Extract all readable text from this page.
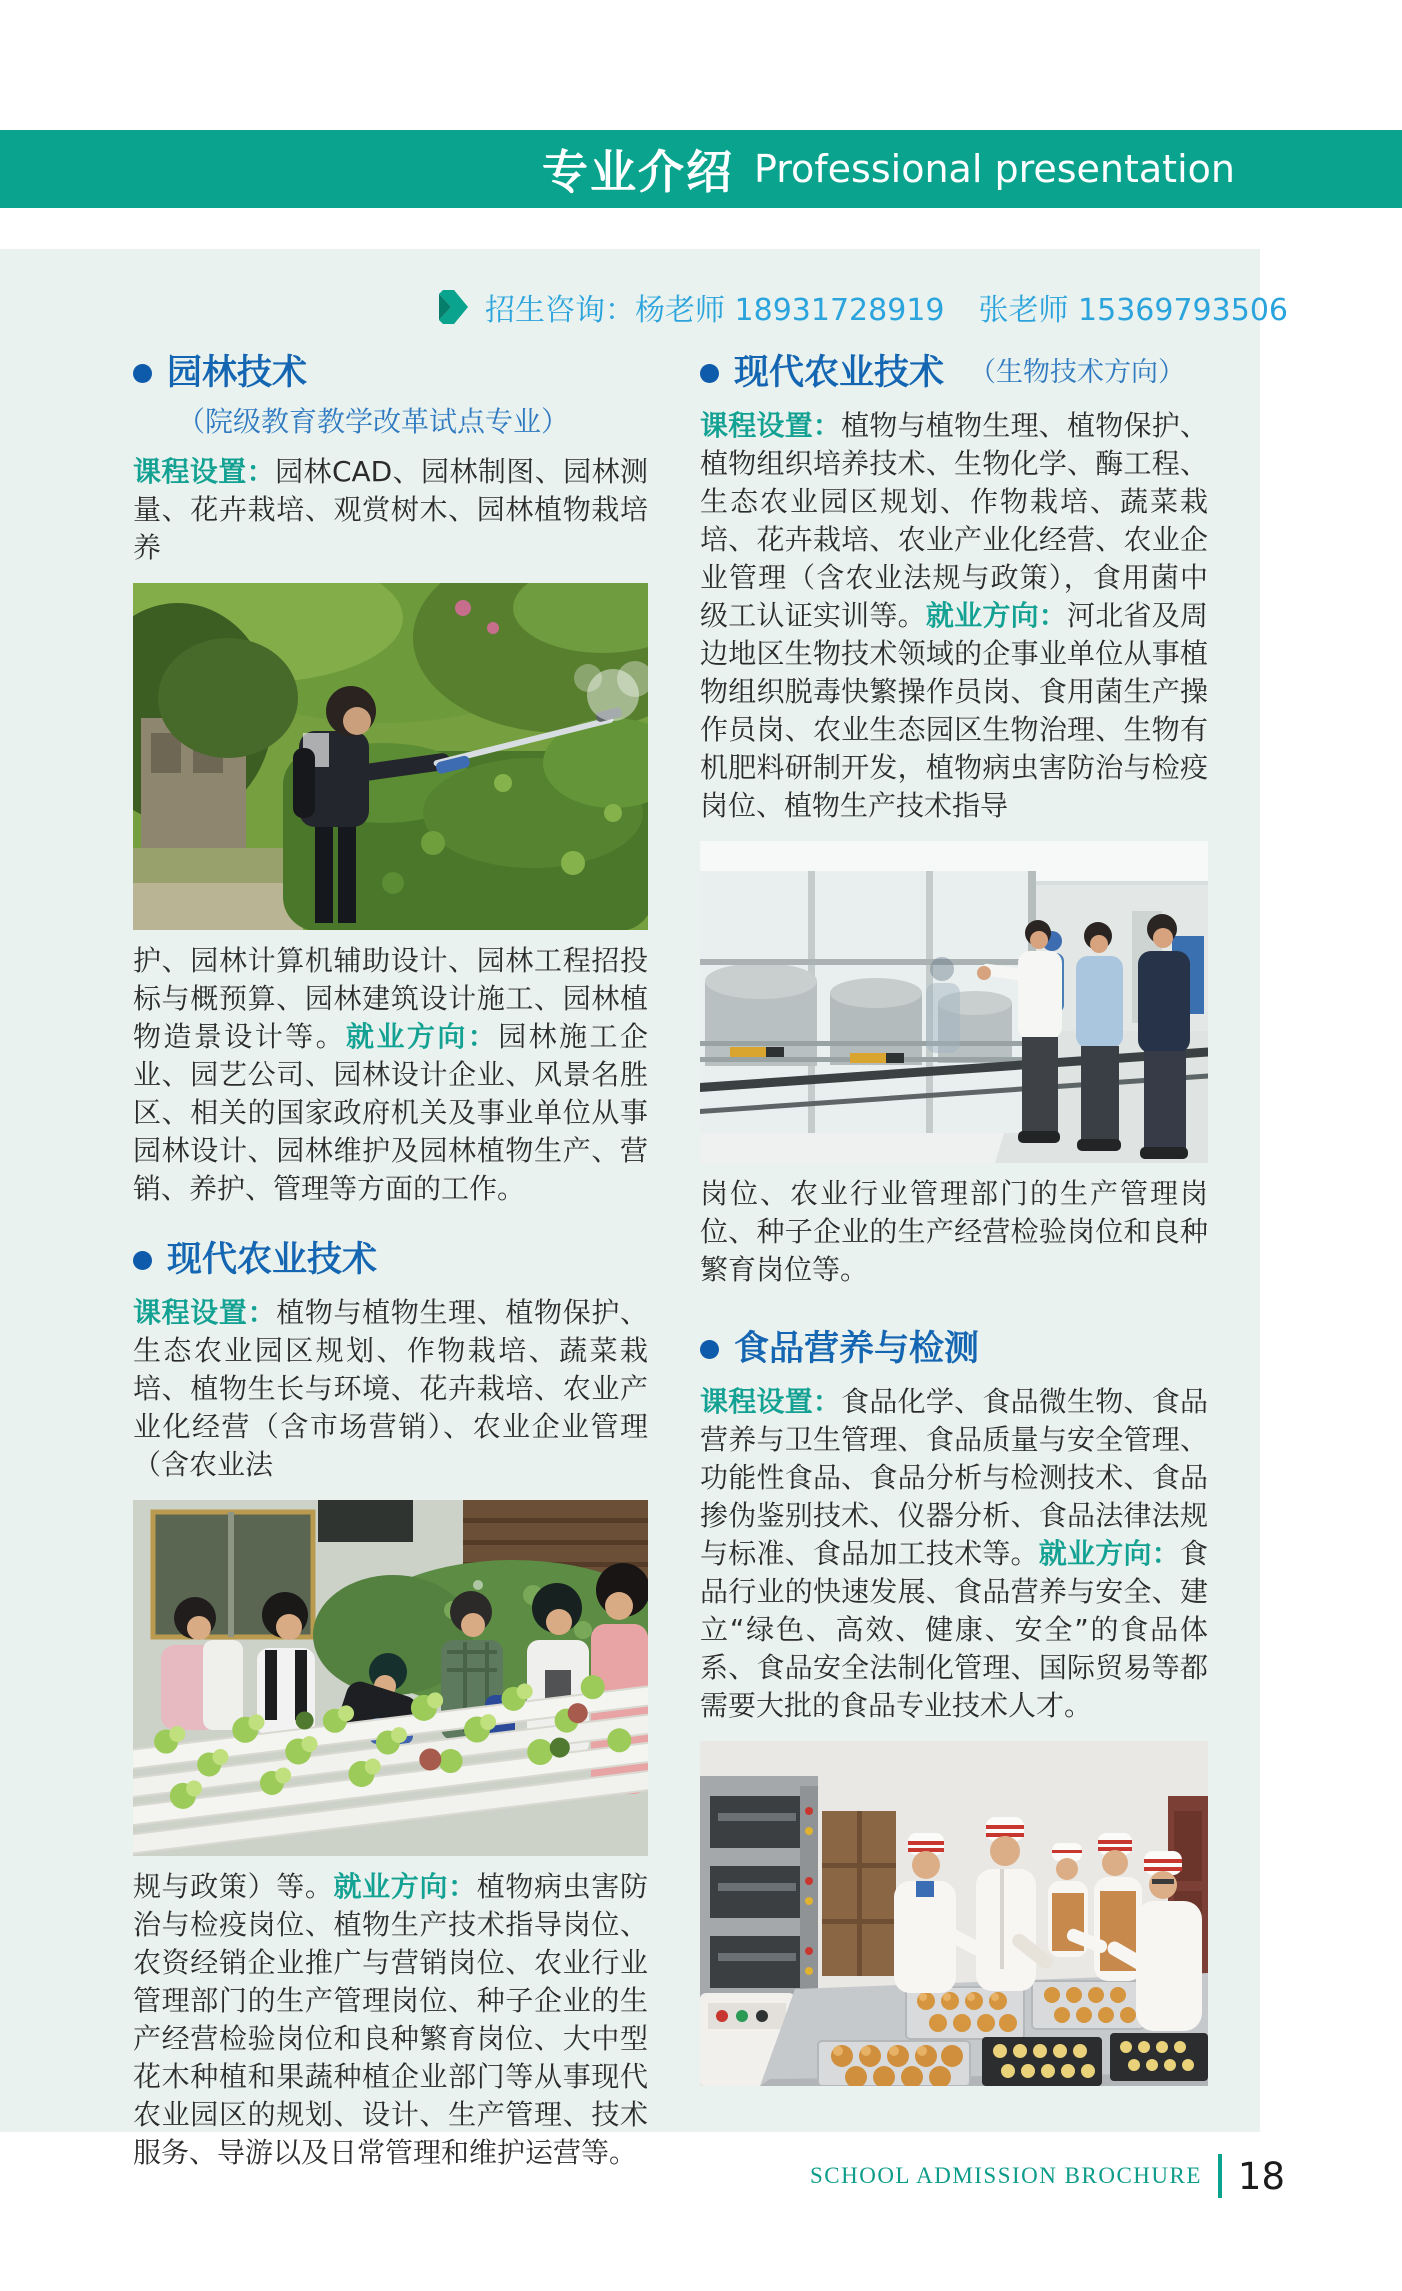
专业介绍 Professional presentation
招生咨询： 杨老师 18931728919 张老师 15369793506
园林技术
（院级教育教学改革试点专业）

课程设置：园林CAD、园林制图、园林测量、花卉栽培、观赏树木、园林植物栽培养

护、园林计算机辅助设计、园林工程招投标与概预算、园林建筑设计施工、园林植物造景设计等。就业方向：园林施工企业、园艺公司、园林设计企业、风景名胜区、相关的国家政府机关及事业单位从事园林设计、园林维护及园林植物生产、营销、养护、管理等方面的工作。

现代农业技术

课程设置：植物与植物生理、植物保护、生态农业园区规划、作物栽培、蔬菜栽培、植物生长与环境、花卉栽培、农业产业化经营（含市场营销）、农业企业管理（含农业法

规与政策）等。就业方向：植物病虫害防治与检疫岗位、植物生产技术指导岗位、农资经销企业推广与营销岗位、农业行业管理部门的生产管理岗位、种子企业的生产经营检验岗位和良种繁育岗位、大中型花木种植和果蔬种植企业部门等从事现代农业园区的规划、设计、生产管理、技术服务、导游以及日常管理和维护运营等。

现代农业技术 （生物技术方向）

课程设置：植物与植物生理、植物保护、植物组织培养技术、生物化学、酶工程、生态农业园区规划、作物栽培、蔬菜栽培、花卉栽培、农业产业化经营、农业企业管理（含农业法规与政策），食用菌中级工认证实训等。就业方向：河北省及周边地区生物技术领域的企事业单位从事植物组织脱毒快繁操作员岗、食用菌生产操作员岗、农业生态园区生物治理、生物有机肥料研制开发，植物病虫害防治与检疫岗位、植物生产技术指导

岗位、农业行业管理部门的生产管理岗位、种子企业的生产经营检验岗位和良种繁育岗位等。

食品营养与检测

课程设置：食品化学、食品微生物、食品营养与卫生管理、食品质量与安全管理、功能性食品、食品分析与检测技术、食品掺伪鉴别技术、仪器分析、食品法律法规与标准、食品加工技术等。就业方向：食品行业的快速发展、食品营养与安全、建立“绿色、高效、健康、安全”的食品体系、食品安全法制化管理、国际贸易等都需要大批的食品专业技术人才。

SCHOOL ADMISSION BROCHURE 18
